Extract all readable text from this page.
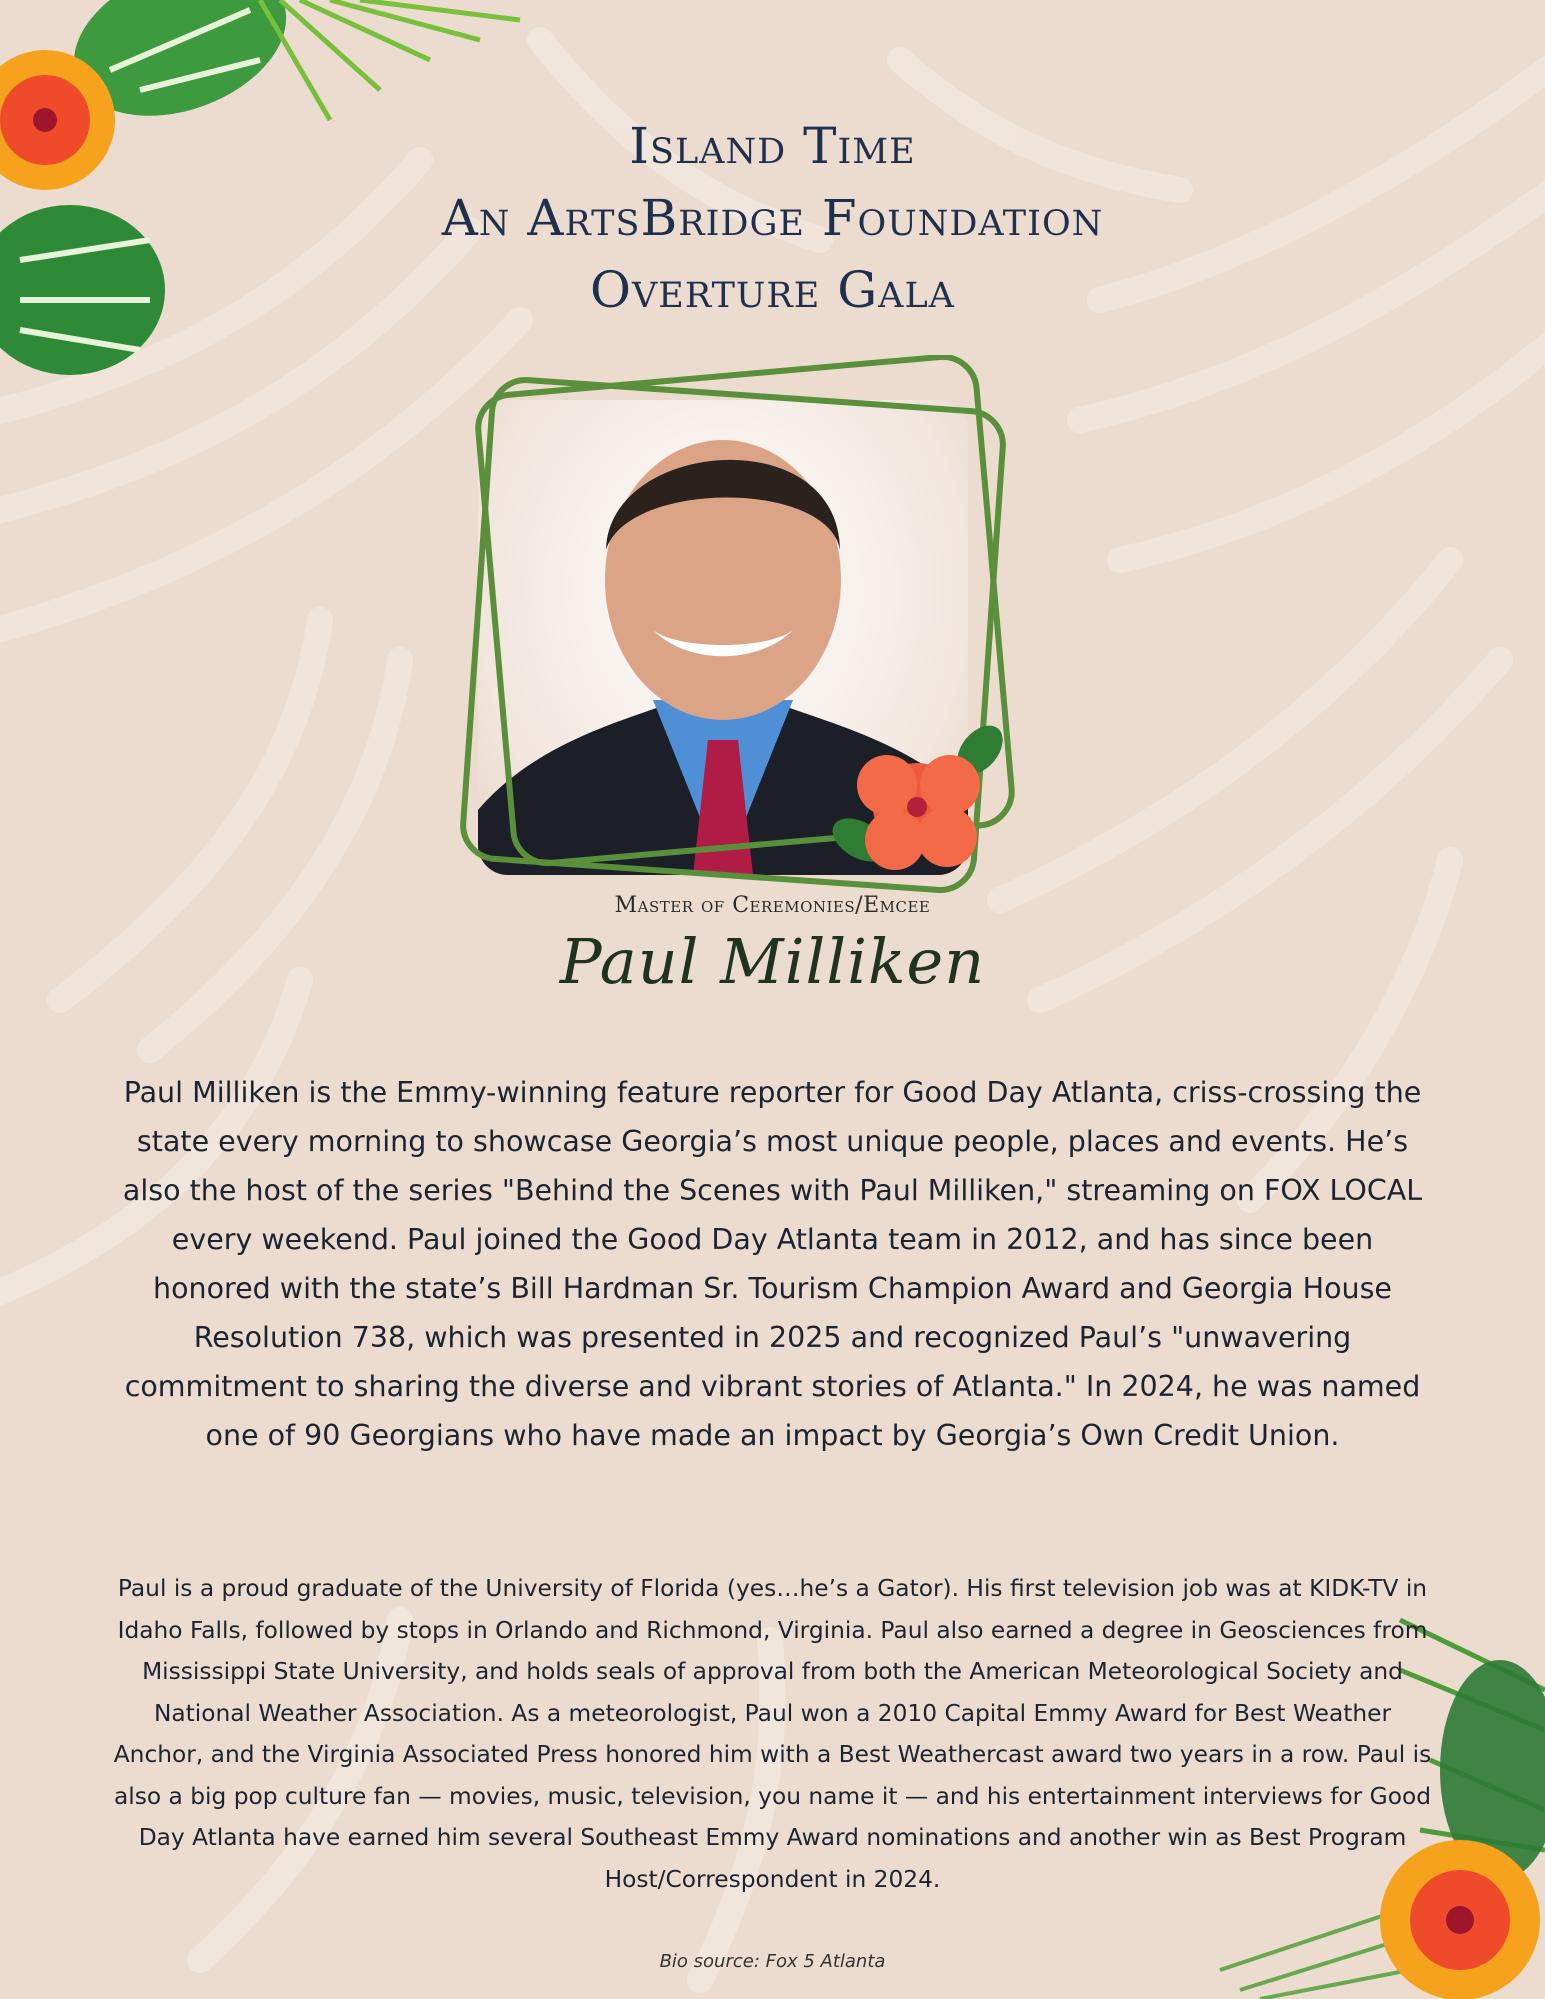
Island Time
An ArtsBridge Foundation
Overture Gala
Master of Ceremonies/Emcee
Paul Milliken
Paul Milliken is the Emmy-winning feature reporter for Good Day Atlanta, criss-crossing the state every morning to showcase Georgia’s most unique people, places and events. He’s also the host of the series "Behind the Scenes with Paul Milliken," streaming on FOX LOCAL every weekend. Paul joined the Good Day Atlanta team in 2012, and has since been honored with the state’s Bill Hardman Sr. Tourism Champion Award and Georgia House Resolution 738, which was presented in 2025 and recognized Paul’s "unwavering commitment to sharing the diverse and vibrant stories of Atlanta." In 2024, he was named one of 90 Georgians who have made an impact by Georgia’s Own Credit Union.
Paul is a proud graduate of the University of Florida (yes…he’s a Gator). His first television job was at KIDK-TV in Idaho Falls, followed by stops in Orlando and Richmond, Virginia. Paul also earned a degree in Geosciences from Mississippi State University, and holds seals of approval from both the American Meteorological Society and National Weather Association. As a meteorologist, Paul won a 2010 Capital Emmy Award for Best Weather Anchor, and the Virginia Associated Press honored him with a Best Weathercast award two years in a row. Paul is also a big pop culture fan — movies, music, television, you name it — and his entertainment interviews for Good Day Atlanta have earned him several Southeast Emmy Award nominations and another win as Best Program Host/Correspondent in 2024.
Bio source: Fox 5 Atlanta
